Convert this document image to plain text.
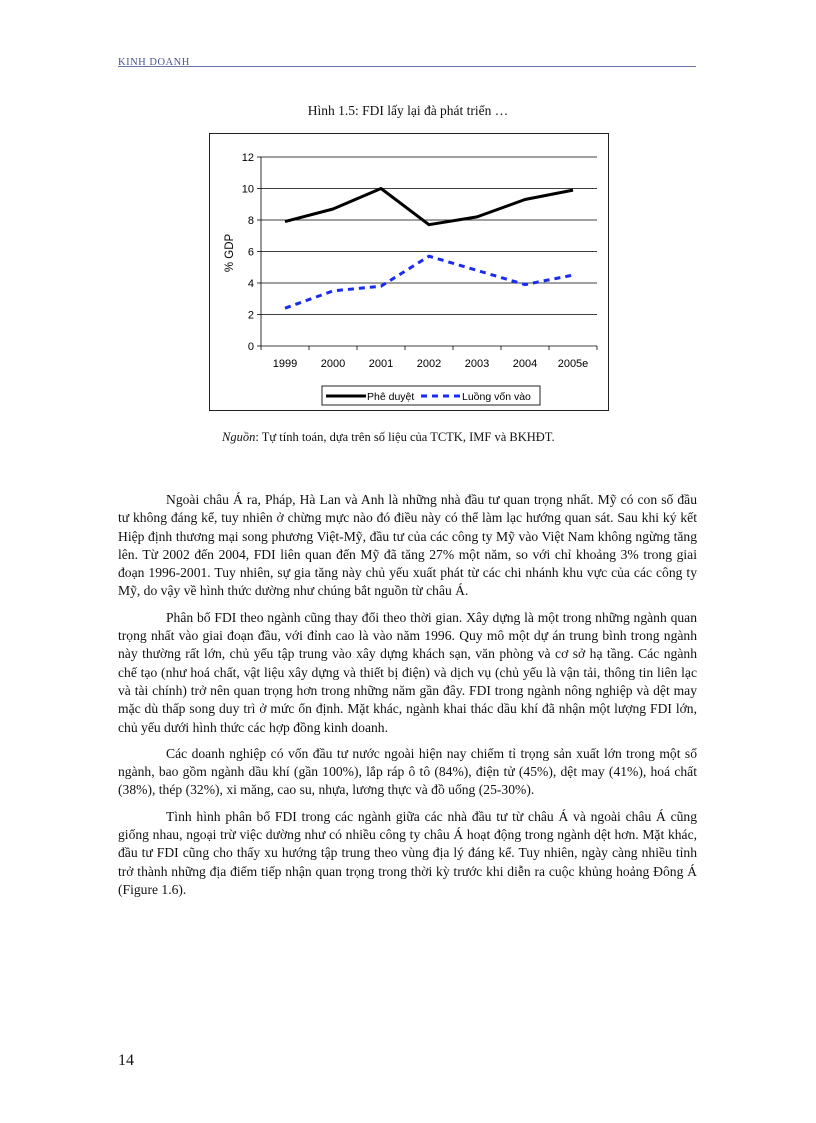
KINH DOANH
Hình 1.5: FDI lấy lại đà phát triển …
0
2
4
6
8
10
12
1999 2000 2001 2002 2003 2004 2005e
% GDP
Phê duyệt	Luồng vốn vào
Nguồn: Tự tính toán, dựa trên số liệu của TCTK, IMF và BKHĐT.

Ngoài châu Á ra, Pháp, Hà Lan và Anh là những nhà đầu tư quan trọng nhất. Mỹ có con số đầu tư không đáng kể, tuy nhiên ở chừng mực nào đó điều này có thể làm lạc hướng quan sát. Sau khi ký kết Hiệp định thương mại song phương Việt-Mỹ, đầu tư của các công ty Mỹ vào Việt Nam không ngừng tăng lên. Từ 2002 đến 2004, FDI liên quan đến Mỹ đã tăng 27% một năm, so với chỉ khoảng 3% trong giai đoạn 1996-2001. Tuy nhiên, sự gia tăng này chủ yếu xuất phát từ các chi nhánh khu vực của các công ty Mỹ, do vậy về hình thức dường như chúng bắt nguồn từ châu Á.

Phân bố FDI theo ngành cũng thay đổi theo thời gian. Xây dựng là một trong những ngành quan trọng nhất vào giai đoạn đầu, với đỉnh cao là vào năm 1996. Quy mô một dự án trung bình trong ngành này thường rất lớn, chủ yếu tập trung vào xây dựng khách sạn, văn phòng và cơ sở hạ tầng. Các ngành chế tạo (như hoá chất, vật liệu xây dựng và thiết bị điện) và dịch vụ (chủ yếu là vận tải, thông tin liên lạc và tài chính) trở nên quan trọng hơn trong những năm gần đây. FDI trong ngành nông nghiệp và dệt may mặc dù thấp song duy trì ở mức ổn định. Mặt khác, ngành khai thác dầu khí đã nhận một lượng FDI lớn, chủ yếu dưới hình thức các hợp đồng kinh doanh.

Các doanh nghiệp có vốn đầu tư nước ngoài hiện nay chiếm tỉ trọng sản xuất lớn trong một số ngành, bao gồm ngành dầu khí (gần 100%), lắp ráp ô tô (84%), điện tử (45%), dệt may (41%), hoá chất (38%), thép (32%), xi măng, cao su, nhựa, lương thực và đồ uống (25-30%).

Tình hình phân bố FDI trong các ngành giữa các nhà đầu tư từ châu Á và ngoài châu Á cũng giống nhau, ngoại trừ việc dường như có nhiều công ty châu Á hoạt động trong ngành dệt hơn. Mặt khác, đầu tư FDI cũng cho thấy xu hướng tập trung theo vùng địa lý đáng kể. Tuy nhiên, ngày càng nhiều tỉnh trở thành những địa điểm tiếp nhận quan trọng trong thời kỳ trước khi diễn ra cuộc khủng hoảng Đông Á (Figure 1.6).

14
